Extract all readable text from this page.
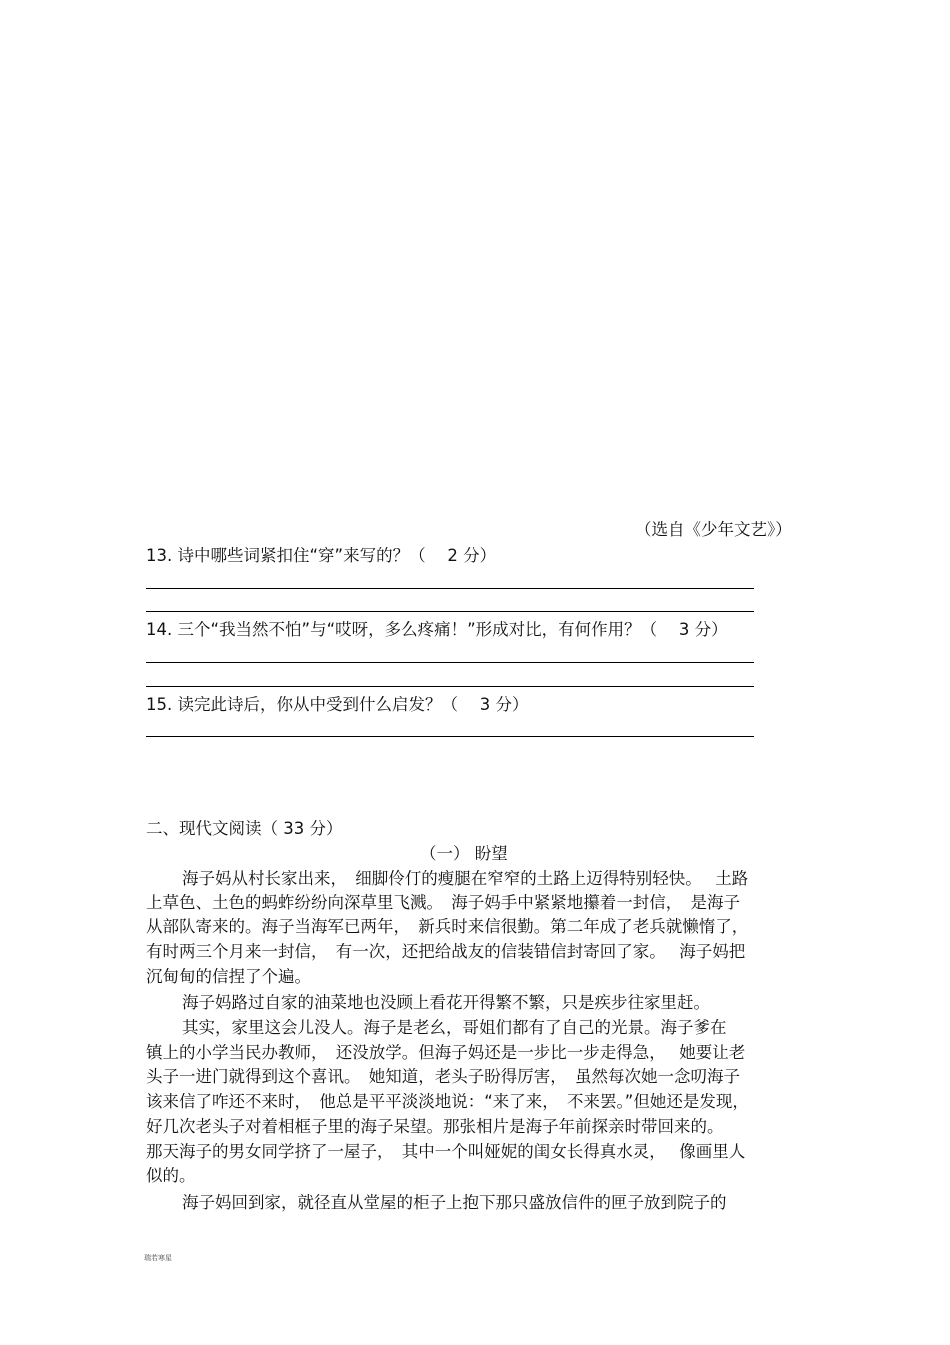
（选自《少年文艺》）
13. 诗中哪些词紧扣住“穿”来写的？（　 2 分）
14. 三个“我当然不怕”与“哎呀，多么疼痛！”形成对比，有何作用？（　 3 分）
15. 读完此诗后，你从中受到什么启发？（　 3 分）
二、现代文阅读（ 33 分）
（一） 盼望
海子妈从村长家出来，　细脚伶仃的瘦腿在窄窄的土路上迈得特别轻快。　 土路
上草色、土色的蚂蚱纷纷向深草里飞溅。　海子妈手中紧紧地攥着一封信，　是海子
从部队寄来的。海子当海军已两年，　新兵时来信很勤。第二年成了老兵就懒惰了，
有时两三个月来一封信，　有一次，还把给战友的信装错信封寄回了家。　 海子妈把
沉甸甸的信捏了个遍。
海子妈路过自家的油菜地也没顾上看花开得繁不繁，只是疾步往家里赶。
其实，家里这会儿没人。海子是老幺，哥姐们都有了自己的光景。海子爹在
镇上的小学当民办教师，　还没放学。但海子妈还是一步比一步走得急，　 她要让老
头子一进门就得到这个喜讯。　她知道，老头子盼得厉害，　虽然每次她一念叨海子
该来信了咋还不来时，　他总是平平淡淡地说：“来了来，　不来罢。”但她还是发现，
好几次老头子对着相框子里的海子呆望。那张相片是海子年前探亲时带回来的。
那天海子的男女同学挤了一屋子，　其中一个叫娅妮的闺女长得真水灵，　 像画里人
似的。
海子妈回到家，就径直从堂屋的柜子上抱下那只盛放信件的匣子放到院子的
瑞若寒星
